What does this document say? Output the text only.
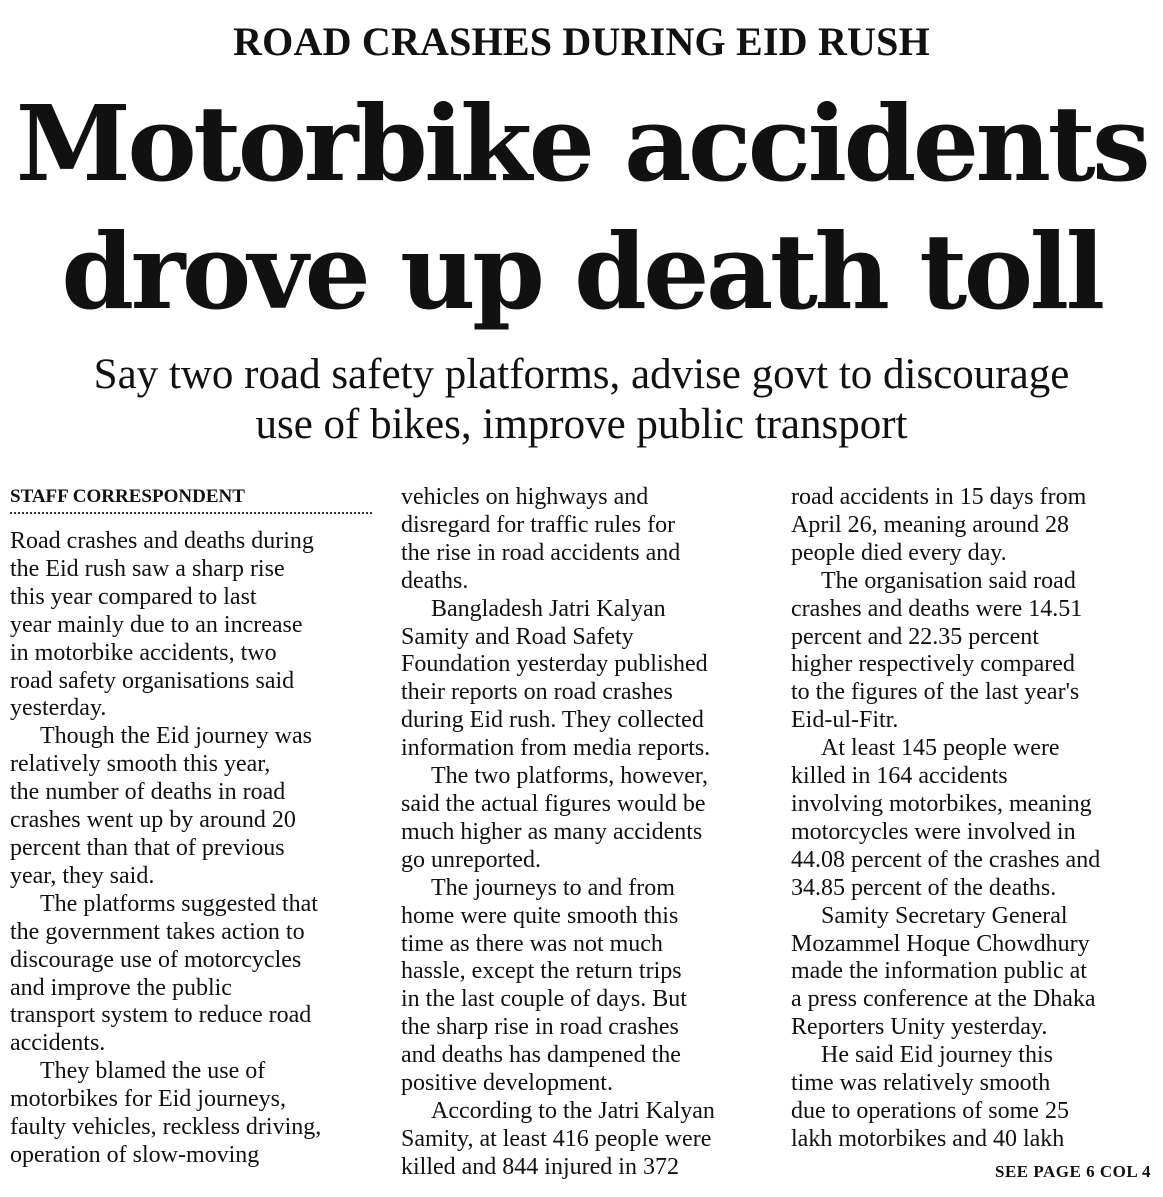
ROAD CRASHES DURING EID RUSH
Motorbike accidents
drove up death toll
Say two road safety platforms, advise govt to discourage
use of bikes, improve public transport
STAFF CORRESPONDENT
Road crashes and deaths during
the Eid rush saw a sharp rise
this year compared to last
year mainly due to an increase
in motorbike accidents, two
road safety organisations said
yesterday.
Though the Eid journey was
relatively smooth this year,
the number of deaths in road
crashes went up by around 20
percent than that of previous
year, they said.
The platforms suggested that
the government takes action to
discourage use of motorcycles
and improve the public
transport system to reduce road
accidents.
They blamed the use of
motorbikes for Eid journeys,
faulty vehicles, reckless driving,
operation of slow-moving
vehicles on highways and
disregard for traffic rules for
the rise in road accidents and
deaths.
Bangladesh Jatri Kalyan
Samity and Road Safety
Foundation yesterday published
their reports on road crashes
during Eid rush. They collected
information from media reports.
The two platforms, however,
said the actual figures would be
much higher as many accidents
go unreported.
The journeys to and from
home were quite smooth this
time as there was not much
hassle, except the return trips
in the last couple of days. But
the sharp rise in road crashes
and deaths has dampened the
positive development.
According to the Jatri Kalyan
Samity, at least 416 people were
killed and 844 injured in 372
road accidents in 15 days from
April 26, meaning around 28
people died every day.
The organisation said road
crashes and deaths were 14.51
percent and 22.35 percent
higher respectively compared
to the figures of the last year's
Eid-ul-Fitr.
At least 145 people were
killed in 164 accidents
involving motorbikes, meaning
motorcycles were involved in
44.08 percent of the crashes and
34.85 percent of the deaths.
Samity Secretary General
Mozammel Hoque Chowdhury
made the information public at
a press conference at the Dhaka
Reporters Unity yesterday.
He said Eid journey this
time was relatively smooth
due to operations of some 25
lakh motorbikes and 40 lakh
SEE PAGE 6 COL 4
